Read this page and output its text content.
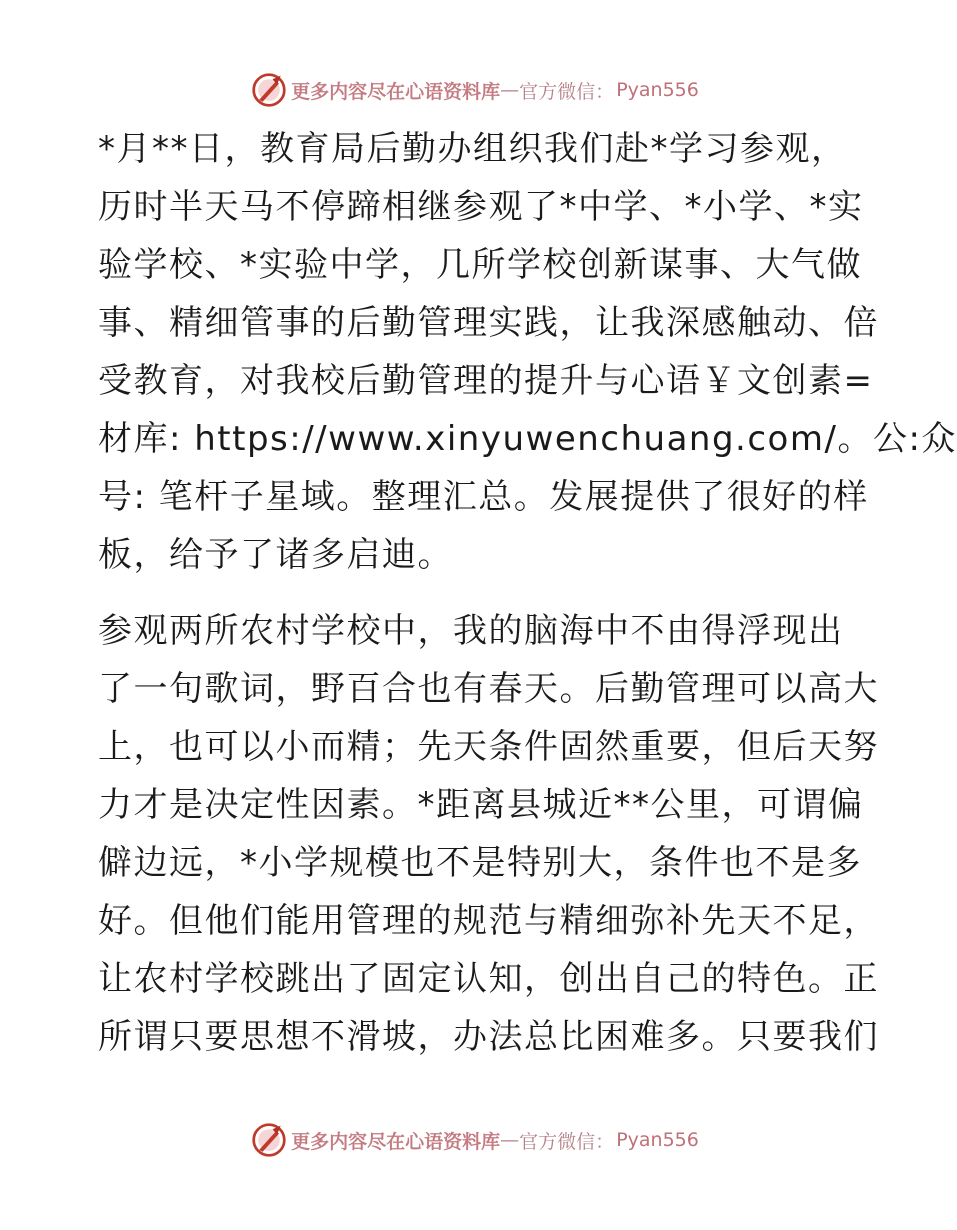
更多内容尽在心语资料库 — 官方微信： Pyan556

*月**日，教育局后勤办组织我们赴*学习参观，
历时半天马不停蹄相继参观了*中学、*小学、*实
验学校、*实验中学，几所学校创新谋事、大气做
事、精细管事的后勤管理实践，让我深感触动、倍
受教育，对我校后勤管理的提升与心语￥文创素=
材库: https://www.xinyuwenchuang.com/。公:众
号: 笔杆子星域。整理汇总。发展提供了很好的样
板，给予了诸多启迪。

参观两所农村学校中，我的脑海中不由得浮现出
了一句歌词，野百合也有春天。后勤管理可以高大
上，也可以小而精；先天条件固然重要，但后天努
力才是决定性因素。*距离县城近**公里，可谓偏
僻边远，*小学规模也不是特别大，条件也不是多
好。但他们能用管理的规范与精细弥补先天不足，
让农村学校跳出了固定认知，创出自己的特色。正
所谓只要思想不滑坡，办法总比困难多。只要我们

更多内容尽在心语资料库 — 官方微信： Pyan556
